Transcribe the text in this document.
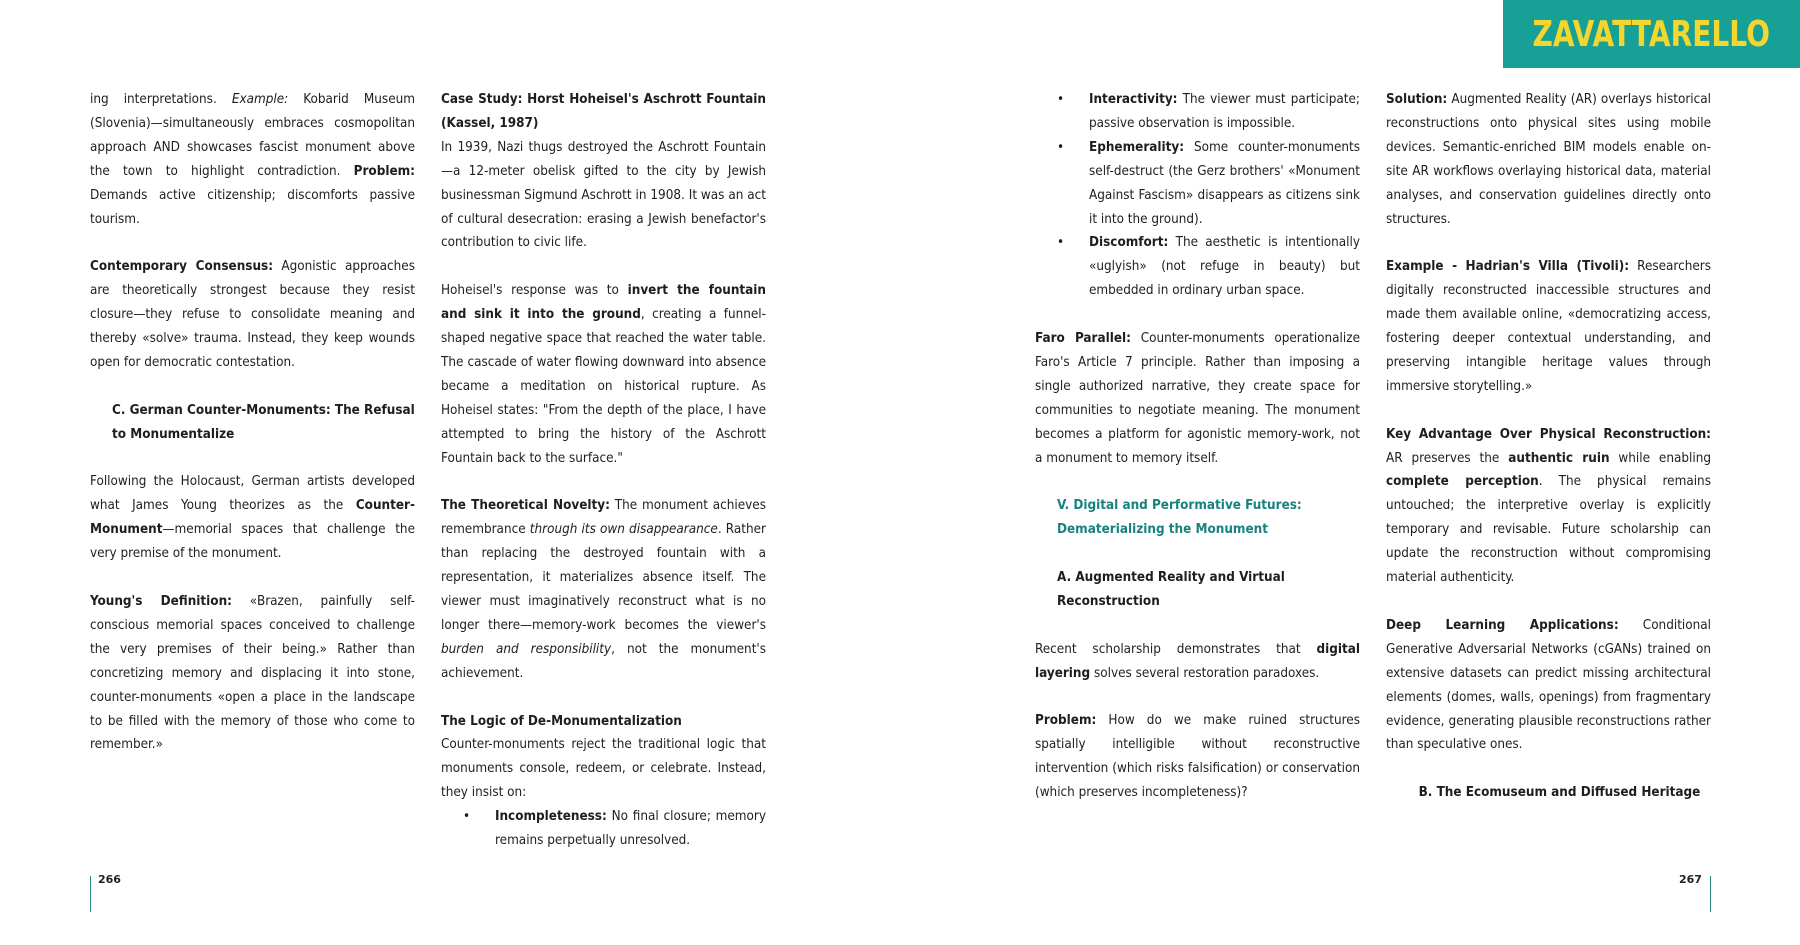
ZAVATTARELLO

ing interpretations. Example: Kobarid Museum (Slovenia)—simultaneously embraces cosmopolitan approach AND showcases fascist monument above the town to highlight contradiction. Problem: Demands active citizenship; discomforts passive tourism.

Contemporary Consensus: Agonistic approaches are theoretically strongest because they resist closure—they refuse to consolidate meaning and thereby «solve» trauma. Instead, they keep wounds open for democratic contestation.

C. German Counter-Monuments: The Refusal to Monumentalize

Following the Holocaust, German artists developed what James Young theorizes as the Counter-Monument—memorial spaces that challenge the very premise of the monument.

Young's Definition: «Brazen, painfully self-conscious memorial spaces conceived to challenge the very premises of their being.» Rather than concretizing memory and displacing it into stone, counter-monuments «open a place in the landscape to be filled with the memory of those who come to remember.»

Case Study: Horst Hoheisel's Aschrott Fountain (Kassel, 1987)

In 1939, Nazi thugs destroyed the Aschrott Fountain—a 12-meter obelisk gifted to the city by Jewish businessman Sigmund Aschrott in 1908. It was an act of cultural desecration: erasing a Jewish benefactor's contribution to civic life.

Hoheisel's response was to invert the fountain and sink it into the ground, creating a funnel-shaped negative space that reached the water table. The cascade of water flowing downward into absence became a meditation on historical rupture. As Hoheisel states: "From the depth of the place, I have attempted to bring the history of the Aschrott Fountain back to the surface."

The Theoretical Novelty: The monument achieves remembrance through its own disappearance. Rather than replacing the destroyed fountain with a representation, it materializes absence itself. The viewer must imaginatively reconstruct what is no longer there—memory-work becomes the viewer's burden and responsibility, not the monument's achievement.

The Logic of De-Monumentalization

Counter-monuments reject the traditional logic that monuments console, redeem, or celebrate. Instead, they insist on:

• Incompleteness: No final closure; memory remains perpetually unresolved.
• Interactivity: The viewer must participate; passive observation is impossible.
• Ephemerality: Some counter-monuments self-destruct (the Gerz brothers' «Monument Against Fascism» disappears as citizens sink it into the ground).
• Discomfort: The aesthetic is intentionally «uglyish» (not refuge in beauty) but embedded in ordinary urban space.

Faro Parallel: Counter-monuments operationalize Faro's Article 7 principle. Rather than imposing a single authorized narrative, they create space for communities to negotiate meaning. The monument becomes a platform for agonistic memory-work, not a monument to memory itself.

V. Digital and Performative Futures: Dematerializing the Monument
A. Augmented Reality and Virtual Reconstruction

Recent scholarship demonstrates that digital layering solves several restoration paradoxes.

Problem: How do we make ruined structures spatially intelligible without reconstructive intervention (which risks falsification) or conservation (which preserves incompleteness)?

Solution: Augmented Reality (AR) overlays historical reconstructions onto physical sites using mobile devices. Semantic-enriched BIM models enable on-site AR workflows overlaying historical data, material analyses, and conservation guidelines directly onto structures.

Example - Hadrian's Villa (Tivoli): Researchers digitally reconstructed inaccessible structures and made them available online, «democratizing access, fostering deeper contextual understanding, and preserving intangible heritage values through immersive storytelling.»

Key Advantage Over Physical Reconstruction: AR preserves the authentic ruin while enabling complete perception. The physical remains untouched; the interpretive overlay is explicitly temporary and revisable. Future scholarship can update the reconstruction without compromising material authenticity.

Deep Learning Applications: Conditional Generative Adversarial Networks (cGANs) trained on extensive datasets can predict missing architectural elements (domes, walls, openings) from fragmentary evidence, generating plausible reconstructions rather than speculative ones.

B. The Ecomuseum and Diffused Heritage
266	267
